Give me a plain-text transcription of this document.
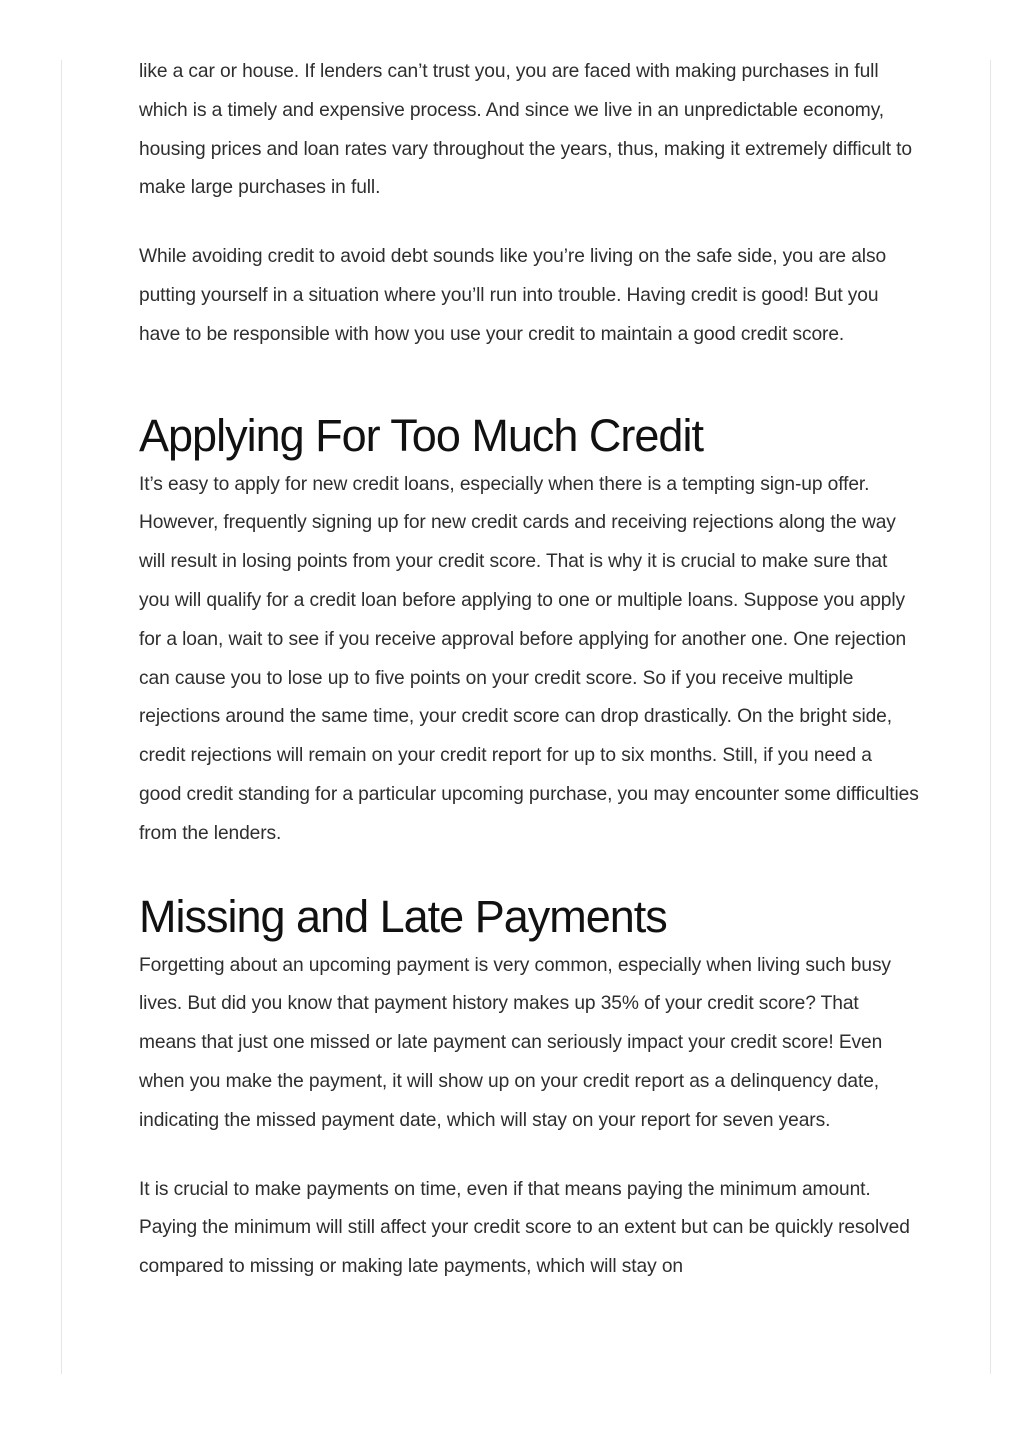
like a car or house. If lenders can’t trust you, you are faced with making purchases in full which is a timely and expensive process. And since we live in an unpredictable economy, housing prices and loan rates vary throughout the years, thus, making it extremely difficult to make large purchases in full.

While avoiding credit to avoid debt sounds like you’re living on the safe side, you are also putting yourself in a situation where you’ll run into trouble. Having credit is good! But you have to be responsible with how you use your credit to maintain a good credit score.

Applying For Too Much Credit

It’s easy to apply for new credit loans, especially when there is a tempting sign-up offer. However, frequently signing up for new credit cards and receiving rejections along the way will result in losing points from your credit score. That is why it is crucial to make sure that you will qualify for a credit loan before applying to one or multiple loans. Suppose you apply for a loan, wait to see if you receive approval before applying for another one. One rejection can cause you to lose up to five points on your credit score. So if you receive multiple rejections around the same time, your credit score can drop drastically. On the bright side, credit rejections will remain on your credit report for up to six months. Still, if you need a good credit standing for a particular upcoming purchase, you may encounter some difficulties from the lenders.

Missing and Late Payments

Forgetting about an upcoming payment is very common, especially when living such busy lives. But did you know that payment history makes up 35% of your credit score? That means that just one missed or late payment can seriously impact your credit score! Even when you make the payment, it will show up on your credit report as a delinquency date, indicating the missed payment date, which will stay on your report for seven years.

It is crucial to make payments on time, even if that means paying the minimum amount. Paying the minimum will still affect your credit score to an extent but can be quickly resolved compared to missing or making late payments, which will stay on
